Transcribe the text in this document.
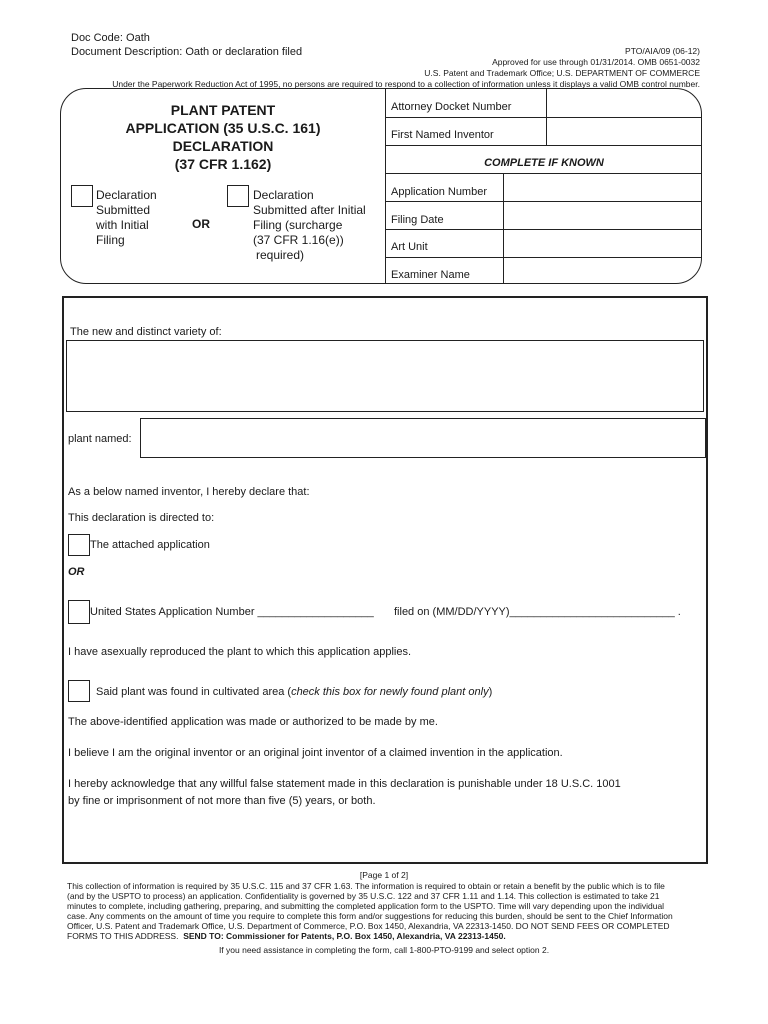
Doc Code: Oath
Document Description: Oath or declaration filed	PTO/AIA/09 (06-12)
Approved for use through 01/31/2014. OMB 0651-0032
U.S. Patent and Trademark Office; U.S. DEPARTMENT OF COMMERCE
Under the Paperwork Reduction Act of 1995, no persons are required to respond to a collection of information unless it displays a valid OMB control number.
PLANT PATENT
APPLICATION (35 U.S.C. 161)
DECLARATION
(37 CFR 1.162)
Declaration
Submitted
with Initial
Filing
OR
Declaration
Submitted after Initial
Filing (surcharge
(37 CFR 1.16(e))
required)
Attorney Docket Number
First Named Inventor
COMPLETE IF KNOWN
Application Number
Filing Date
Art Unit
Examiner Name
The new and distinct variety of:
plant named:
As a below named inventor, I hereby declare that:
This declaration is directed to:
The attached application
OR
United States Application Number ___________________ filed on (MM/DD/YYYY)___________________________ .
I have asexually reproduced the plant to which this application applies.
Said plant was found in cultivated area (check this box for newly found plant only)
The above-identified application was made or authorized to be made by me.
I believe I am the original inventor or an original joint inventor of a claimed invention in the application.
I hereby acknowledge that any willful false statement made in this declaration is punishable under 18 U.S.C. 1001
by fine or imprisonment of not more than five (5) years, or both.
[Page 1 of 2]
This collection of information is required by 35 U.S.C. 115 and 37 CFR 1.63. The information is required to obtain or retain a benefit by the public which is to file
(and by the USPTO to process) an application. Confidentiality is governed by 35 U.S.C. 122 and 37 CFR 1.11 and 1.14. This collection is estimated to take 21
minutes to complete, including gathering, preparing, and submitting the completed application form to the USPTO. Time will vary depending upon the individual
case. Any comments on the amount of time you require to complete this form and/or suggestions for reducing this burden, should be sent to the Chief Information
Officer, U.S. Patent and Trademark Office, U.S. Department of Commerce, P.O. Box 1450, Alexandria, VA 22313-1450. DO NOT SEND FEES OR COMPLETED
FORMS TO THIS ADDRESS. SEND TO: Commissioner for Patents, P.O. Box 1450, Alexandria, VA 22313-1450.
If you need assistance in completing the form, call 1-800-PTO-9199 and select option 2.
